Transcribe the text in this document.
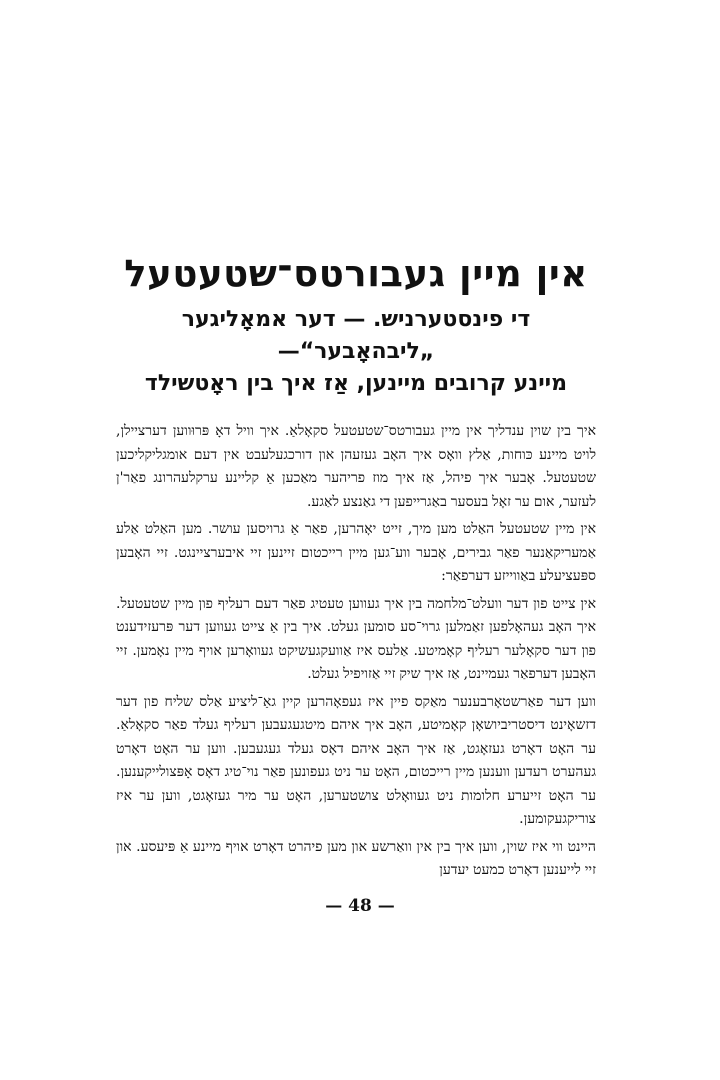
אין מיין געבורטס־שטעטעל
די פינסטערניש. — דער אמאָליגער „ליבהאָבער“—
מיינע קרובים מיינען, אַז איך בין ראָטשילד

איך בין שוין ענדליך אין מיין געבורטס־שטעטעל סקאָלאַ. איך וויל דאָ פּרוּווען דערציילן, לויט מיינע כּוחות, אַלץ וואָס איך האָב געזעהן און דורכגעלעבט אין דעם אומגליקליכען שטעטעל. אָבער איך פיהל, אַז איך מוז פריהער מאַכען אַ קליינע ערקלעהרונג פאַר'ן לעזער, אום ער זאָל בעסער באַגרייפען די גאַנצע לאַגע.

אין מיין שטעטעל האַלט מען מיך, זייט יאָהרען, פאַר אַ גרויסען עושר. מען האַלט אַלע אַמעריקאַנער פאַר גבירים, אָבער ווע־גען מיין רייכטום זיינען זיי איבערציינגט. זיי האָבען ספּעציעלע באַווייזע דערפאַר:

אין צייט פון דער וועלט־מלחמה בין איך געווען טעטיג פאַר דעם רעליף פון מיין שטעטעל. איך האָב געהאָלפען זאַמלען גרוי־סע סומען געלט. איך בין אַ צייט געווען דער פּרעזידענט פון דער סקאָלער רעליף קאָמיטע. אַלעס איז אַוועקגעשיקט געוואָרען אויף מיין נאָמען. זיי האָבען דערפאַר געמיינט, אַז איך שיק זיי אַזויפיל געלט.

ווען דער פאַרשטאָרבענער מאַקס פיין איז געפאָהרען קיין גאַ־ליציע אַלס שליח פון דער דזשאָינט דיסטריביושאָן קאָמיטע, האָב איך איהם מיטגעגעבען רעליף געלד פאַר סקאָלאַ. ער האָט דאָרט געזאָגט, אַז איך האָב איהם דאָס געלד געגעבען. ווען ער האָט דאָרט געהערט רעדען ווענען מיין רייכטום, האָט ער ניט געפונען פאַר נוי־טיג דאָס אָפּצולייקענען. ער האָט זייערע חלומות ניט געוואָלט צושטערען, האָט ער מיר געזאָגט, ווען ער איז צוריקגעקומען.

היינט ווי איז שוין, ווען איך בין אין וואַרשע און מען פיהרט דאָרט אויף מיינע אַ פּיעסע. און זיי לייענען דאָרט כמעט יעדען

— 48 —
